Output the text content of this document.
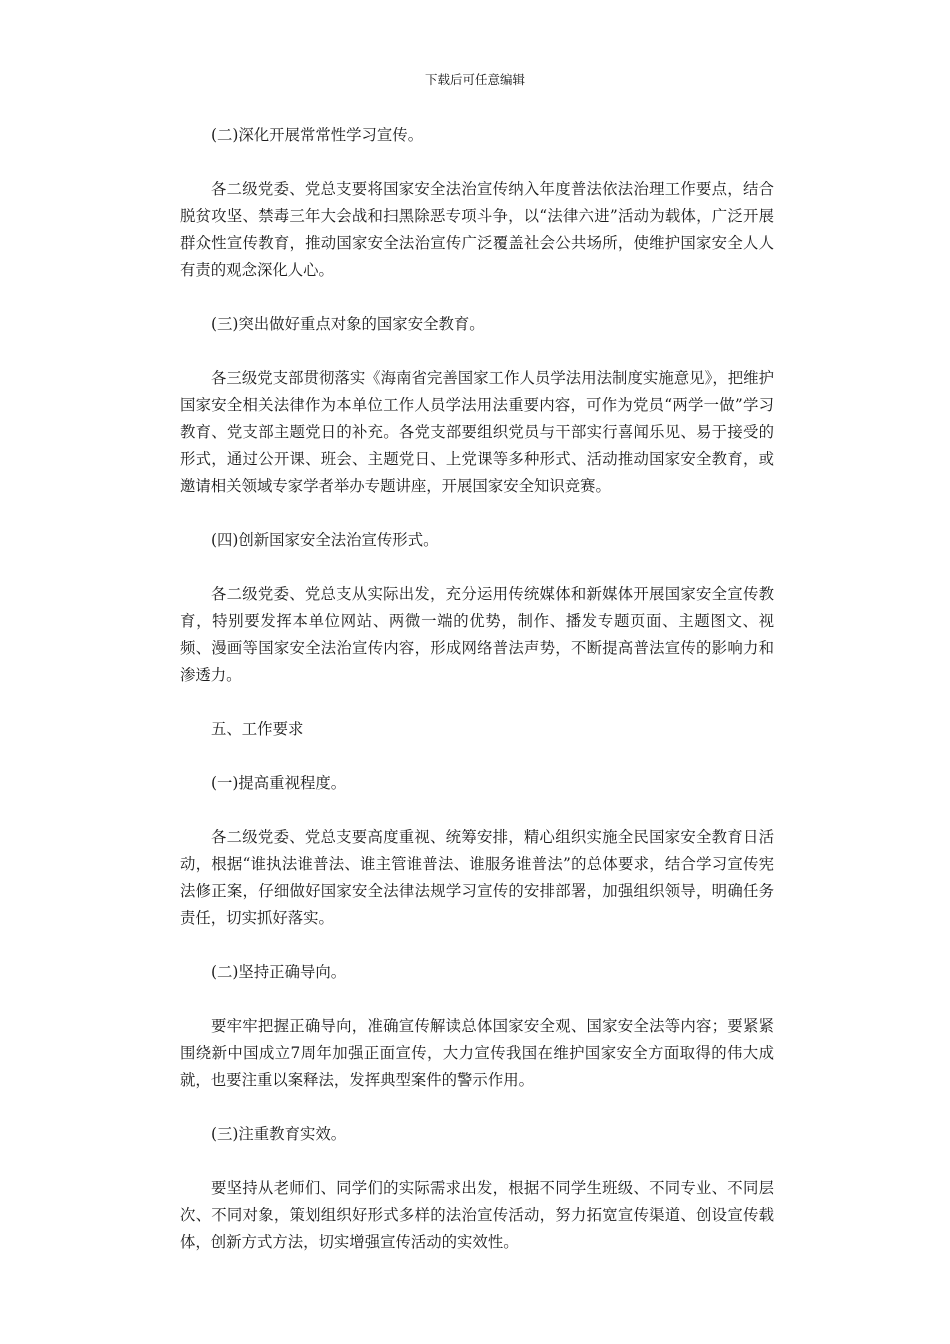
下载后可任意编辑

(二)深化开展常常性学习宣传。

各二级党委、党总支要将国家安全法治宣传纳入年度普法依法治理工作要点，结合脱贫攻坚、禁毒三年大会战和扫黑除恶专项斗争，以“法律六进”活动为载体，广泛开展群众性宣传教育，推动国家安全法治宣传广泛覆盖社会公共场所，使维护国家安全人人有责的观念深化人心。

(三)突出做好重点对象的国家安全教育。

各三级党支部贯彻落实《海南省完善国家工作人员学法用法制度实施意见》，把维护国家安全相关法律作为本单位工作人员学法用法重要内容，可作为党员“两学一做”学习教育、党支部主题党日的补充。各党支部要组织党员与干部实行喜闻乐见、易于接受的形式，通过公开课、班会、主题党日、上党课等多种形式、活动推动国家安全教育，或邀请相关领域专家学者举办专题讲座，开展国家安全知识竞赛。

(四)创新国家安全法治宣传形式。

各二级党委、党总支从实际出发，充分运用传统媒体和新媒体开展国家安全宣传教育，特别要发挥本单位网站、两微一端的优势，制作、播发专题页面、主题图文、视频、漫画等国家安全法治宣传内容，形成网络普法声势，不断提高普法宣传的影响力和渗透力。

五、工作要求

(一)提高重视程度。

各二级党委、党总支要高度重视、统筹安排，精心组织实施全民国家安全教育日活动，根据“谁执法谁普法、谁主管谁普法、谁服务谁普法”的总体要求，结合学习宣传宪法修正案，仔细做好国家安全法律法规学习宣传的安排部署，加强组织领导，明确任务责任，切实抓好落实。

(二)坚持正确导向。

要牢牢把握正确导向，准确宣传解读总体国家安全观、国家安全法等内容；要紧紧围绕新中国成立7周年加强正面宣传，大力宣传我国在维护国家安全方面取得的伟大成就，也要注重以案释法，发挥典型案件的警示作用。

(三)注重教育实效。

要坚持从老师们、同学们的实际需求出发，根据不同学生班级、不同专业、不同层次、不同对象，策划组织好形式多样的法治宣传活动，努力拓宽宣传渠道、创设宣传载体，创新方式方法，切实增强宣传活动的实效性。
